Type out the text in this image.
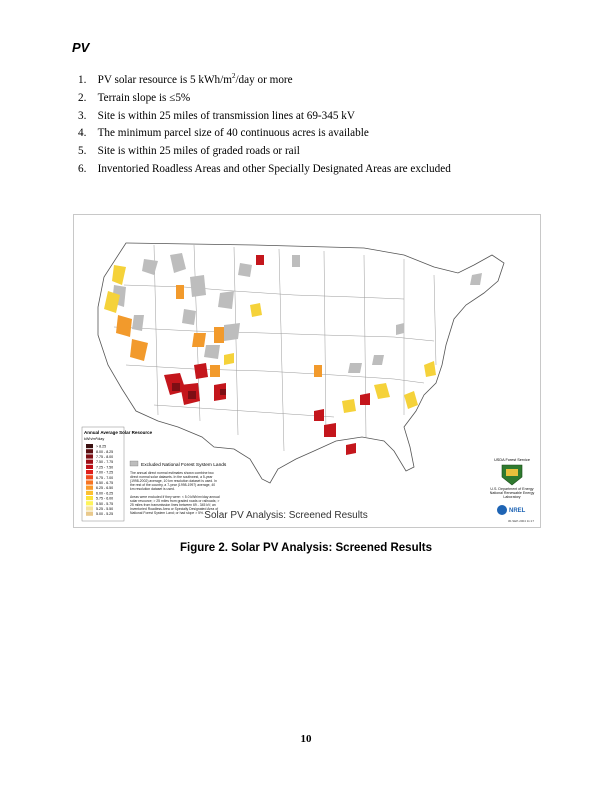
PV
1.
	PV solar resource is 5 kWh/$m^2$/day or more
2.
	Terrain slope is ≤5%
3.
	Site is within 25 miles of transmission lines at 69-345 kV
4.
	The minimum parcel size of 40 continuous acres is available
5.
	Site is within 25 miles of graded roads or rail
6.
	Inventoried Roadless Areas and other Specially Designated Areas are excluded
Annual Average Solar Resource
kWh/m²/day
> 8.25
8.00 - 8.25
7.75 - 8.00
7.50 - 7.75
7.25 - 7.50
7.00 - 7.25
6.75 - 7.00
6.50 - 6.75
6.25 - 6.50
6.00 - 6.25
5.75 - 6.00
5.50 - 5.75
5.25 - 5.50
5.00 - 5.25
Excluded National Forest System Lands
The annual direct normal estimates shown combine two direct normal solar datasets. In the southwest, a 5-year (1998-2002) average, 10 km resolution dataset is used. In the rest of the country, a 7-year (1998-1997) average, 40 km resolution dataset is used.
Areas were excluded if they were: < 5.0 kWh/m²/day annual solar resource; > 25 miles from graded roads or railroads; > 25 miles from transmission lines between 69 - 345 kV; an Inventoried Roadless Area or Specially Designated Area of National Forest System Land; or had slope > 5%. Solar PV Analysis: Screened Results
USDA Forest Service
U.S. Department of Energy National Renewable Energy Laboratory
NREL
30-SEP-2004 11:17
Figure 2. Solar PV Analysis: Screened Results
10
